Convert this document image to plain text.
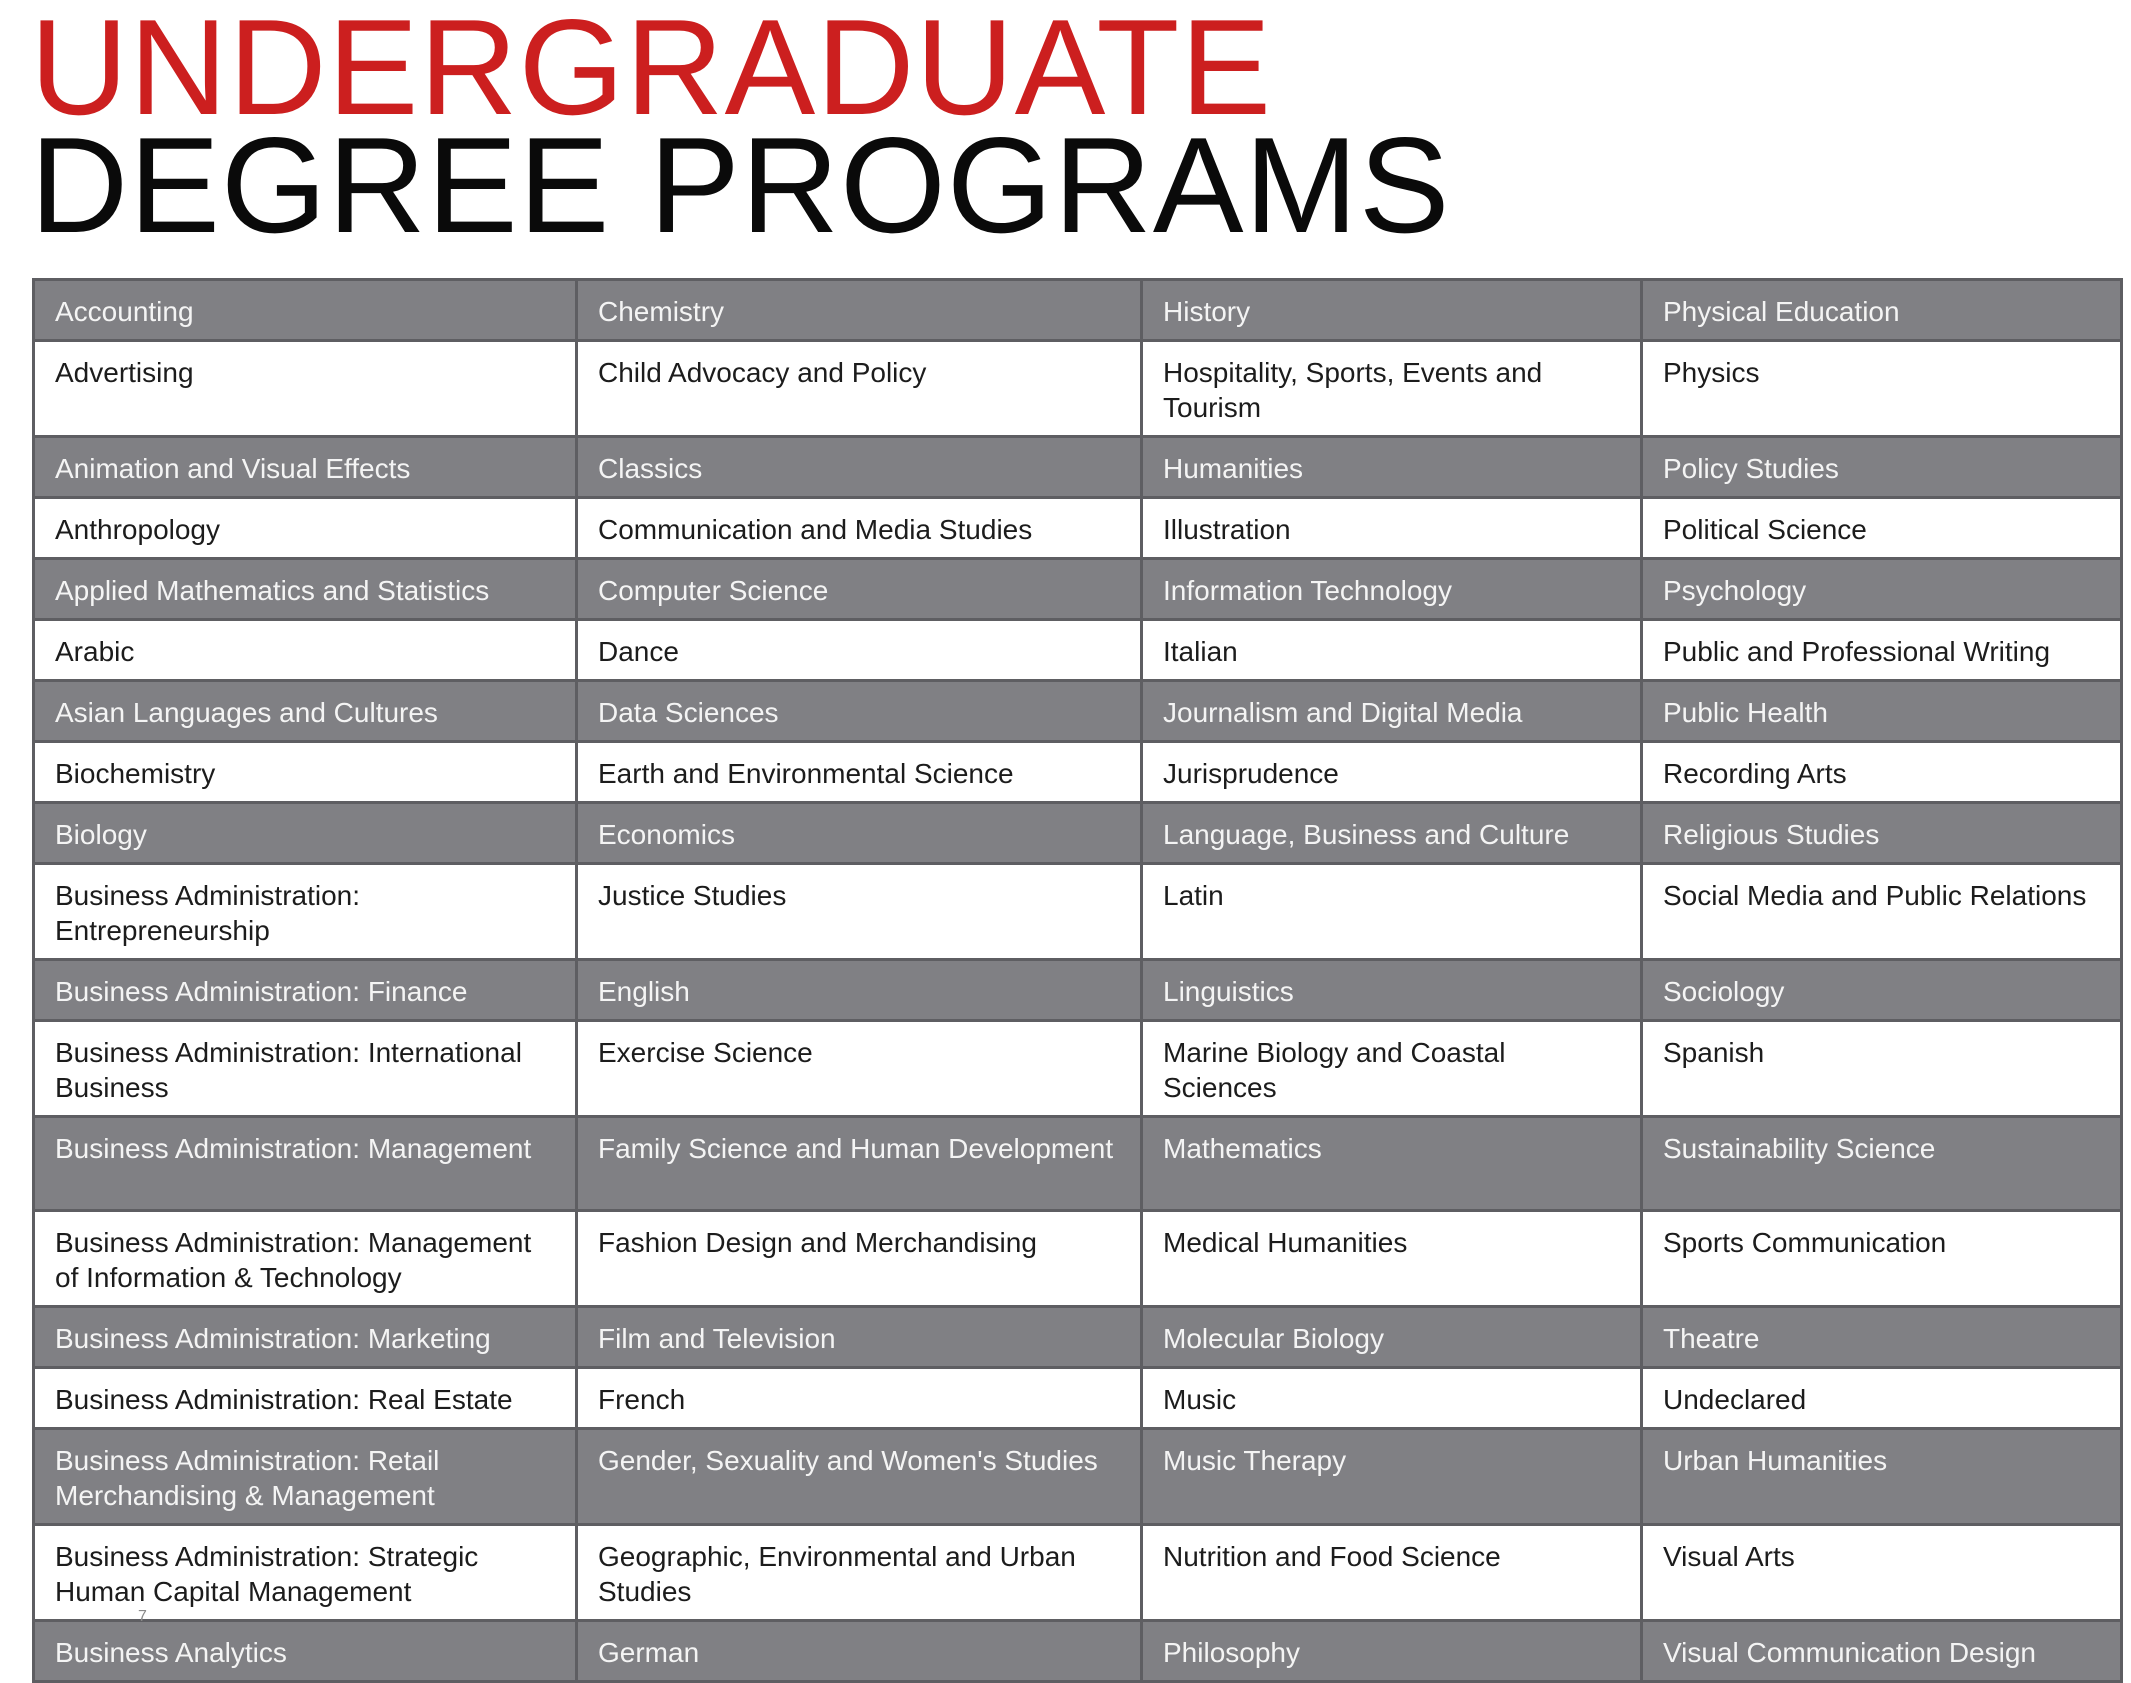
UNDERGRADUATE
DEGREE PROGRAMS
Accounting	Chemistry	History	Physical Education
Advertising	Child Advocacy and Policy	Hospitality, Sports, Events and Tourism	Physics
Animation and Visual Effects	Classics	Humanities	Policy Studies
Anthropology	Communication and Media Studies	Illustration	Political Science
Applied Mathematics and Statistics	Computer Science	Information Technology	Psychology
Arabic	Dance	Italian	Public and Professional Writing
Asian Languages and Cultures	Data Sciences	Journalism and Digital Media	Public Health
Biochemistry	Earth and Environmental Science	Jurisprudence	Recording Arts
Biology	Economics	Language, Business and Culture	Religious Studies
Business Administration: Entrepreneurship	Justice Studies	Latin	Social Media and Public Relations
Business Administration: Finance	English	Linguistics	Sociology
Business Administration: International Business	Exercise Science	Marine Biology and Coastal Sciences	Spanish
Business Administration: Management	Family Science and Human Development	Mathematics	Sustainability Science
Business Administration: Management of Information & Technology	Fashion Design and Merchandising	Medical Humanities	Sports Communication
Business Administration: Marketing	Film and Television	Molecular Biology	Theatre
Business Administration: Real Estate	French	Music	Undeclared
Business Administration: Retail Merchandising & Management	Gender, Sexuality and Women's Studies	Music Therapy	Urban Humanities
Business Administration: Strategic Human Capital Management	Geographic, Environmental and Urban Studies	Nutrition and Food Science	Visual Arts
Business Analytics	German	Philosophy	Visual Communication Design
7
